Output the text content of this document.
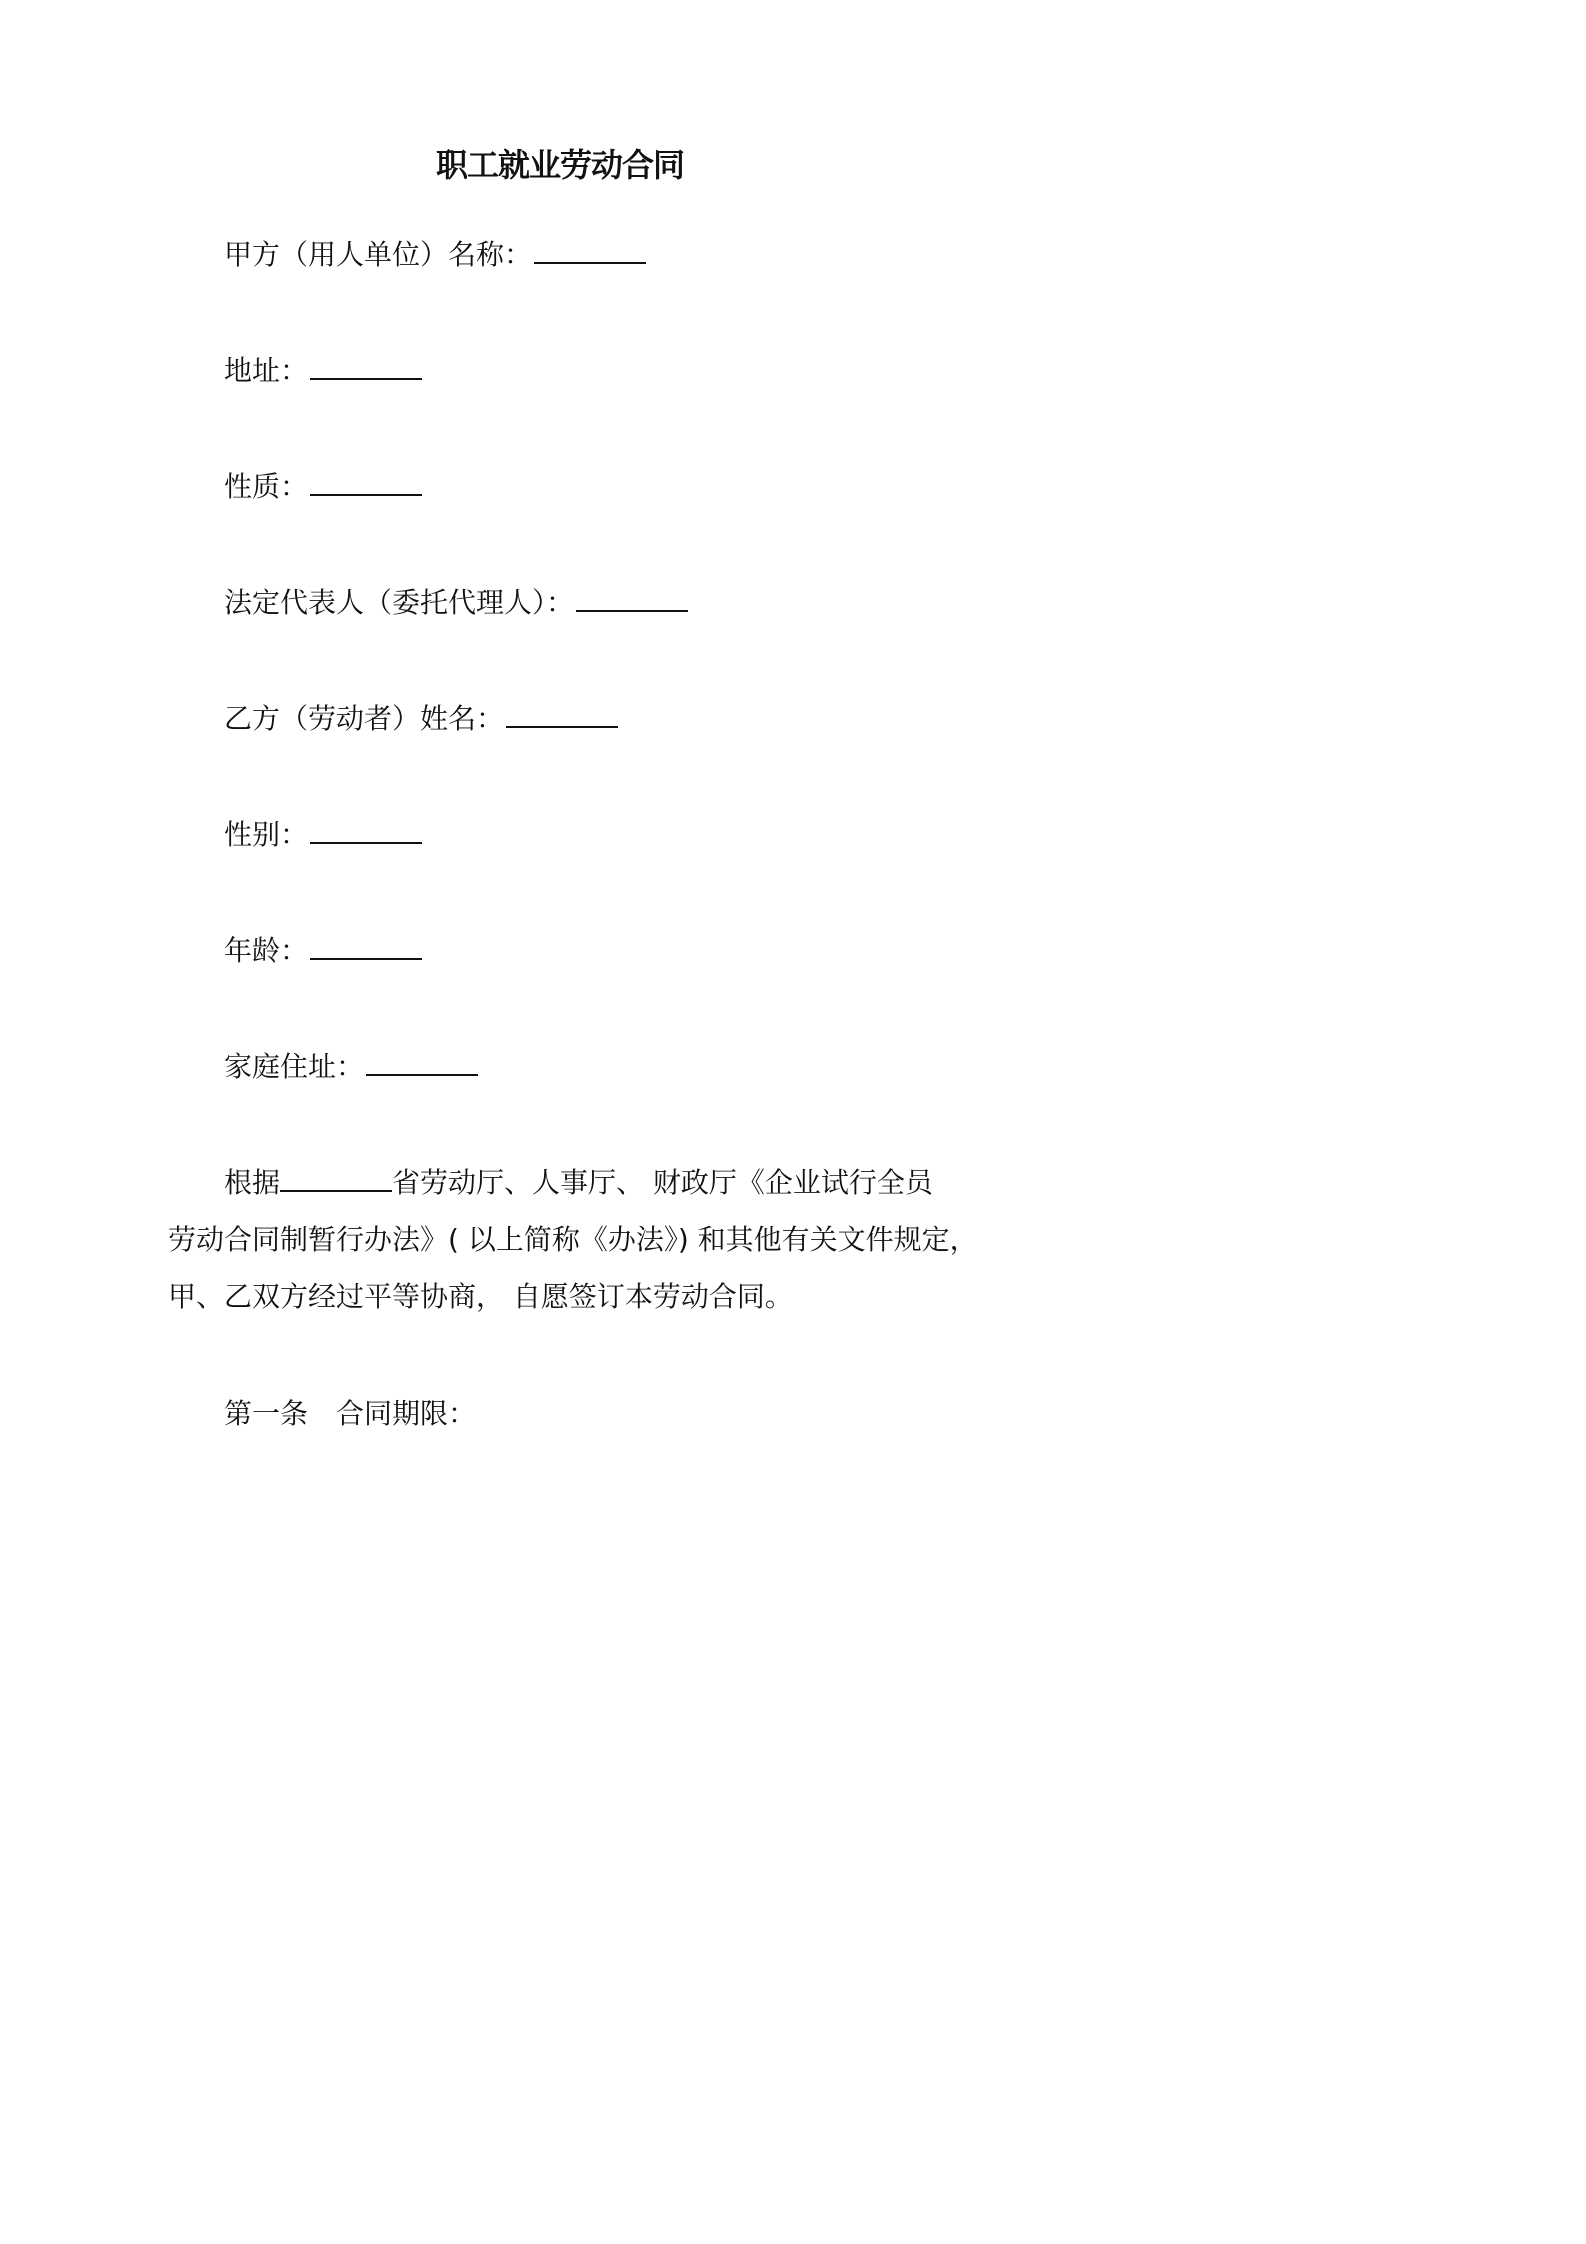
职工就业劳动合同
甲方（用人单位）名称：
地址：
性质：
法定代表人（委托代理人）：
乙方（劳动者）姓名：
性别：
年龄：
家庭住址：
根据	省劳动厅、人事厅、 财政厅《企业试行全员
劳动合同制暂行办法》( 以上简称《办法》) 和其他有关文件规定，
甲、乙双方经过平等协商， 自愿签订本劳动合同。
第一条 合同期限：
